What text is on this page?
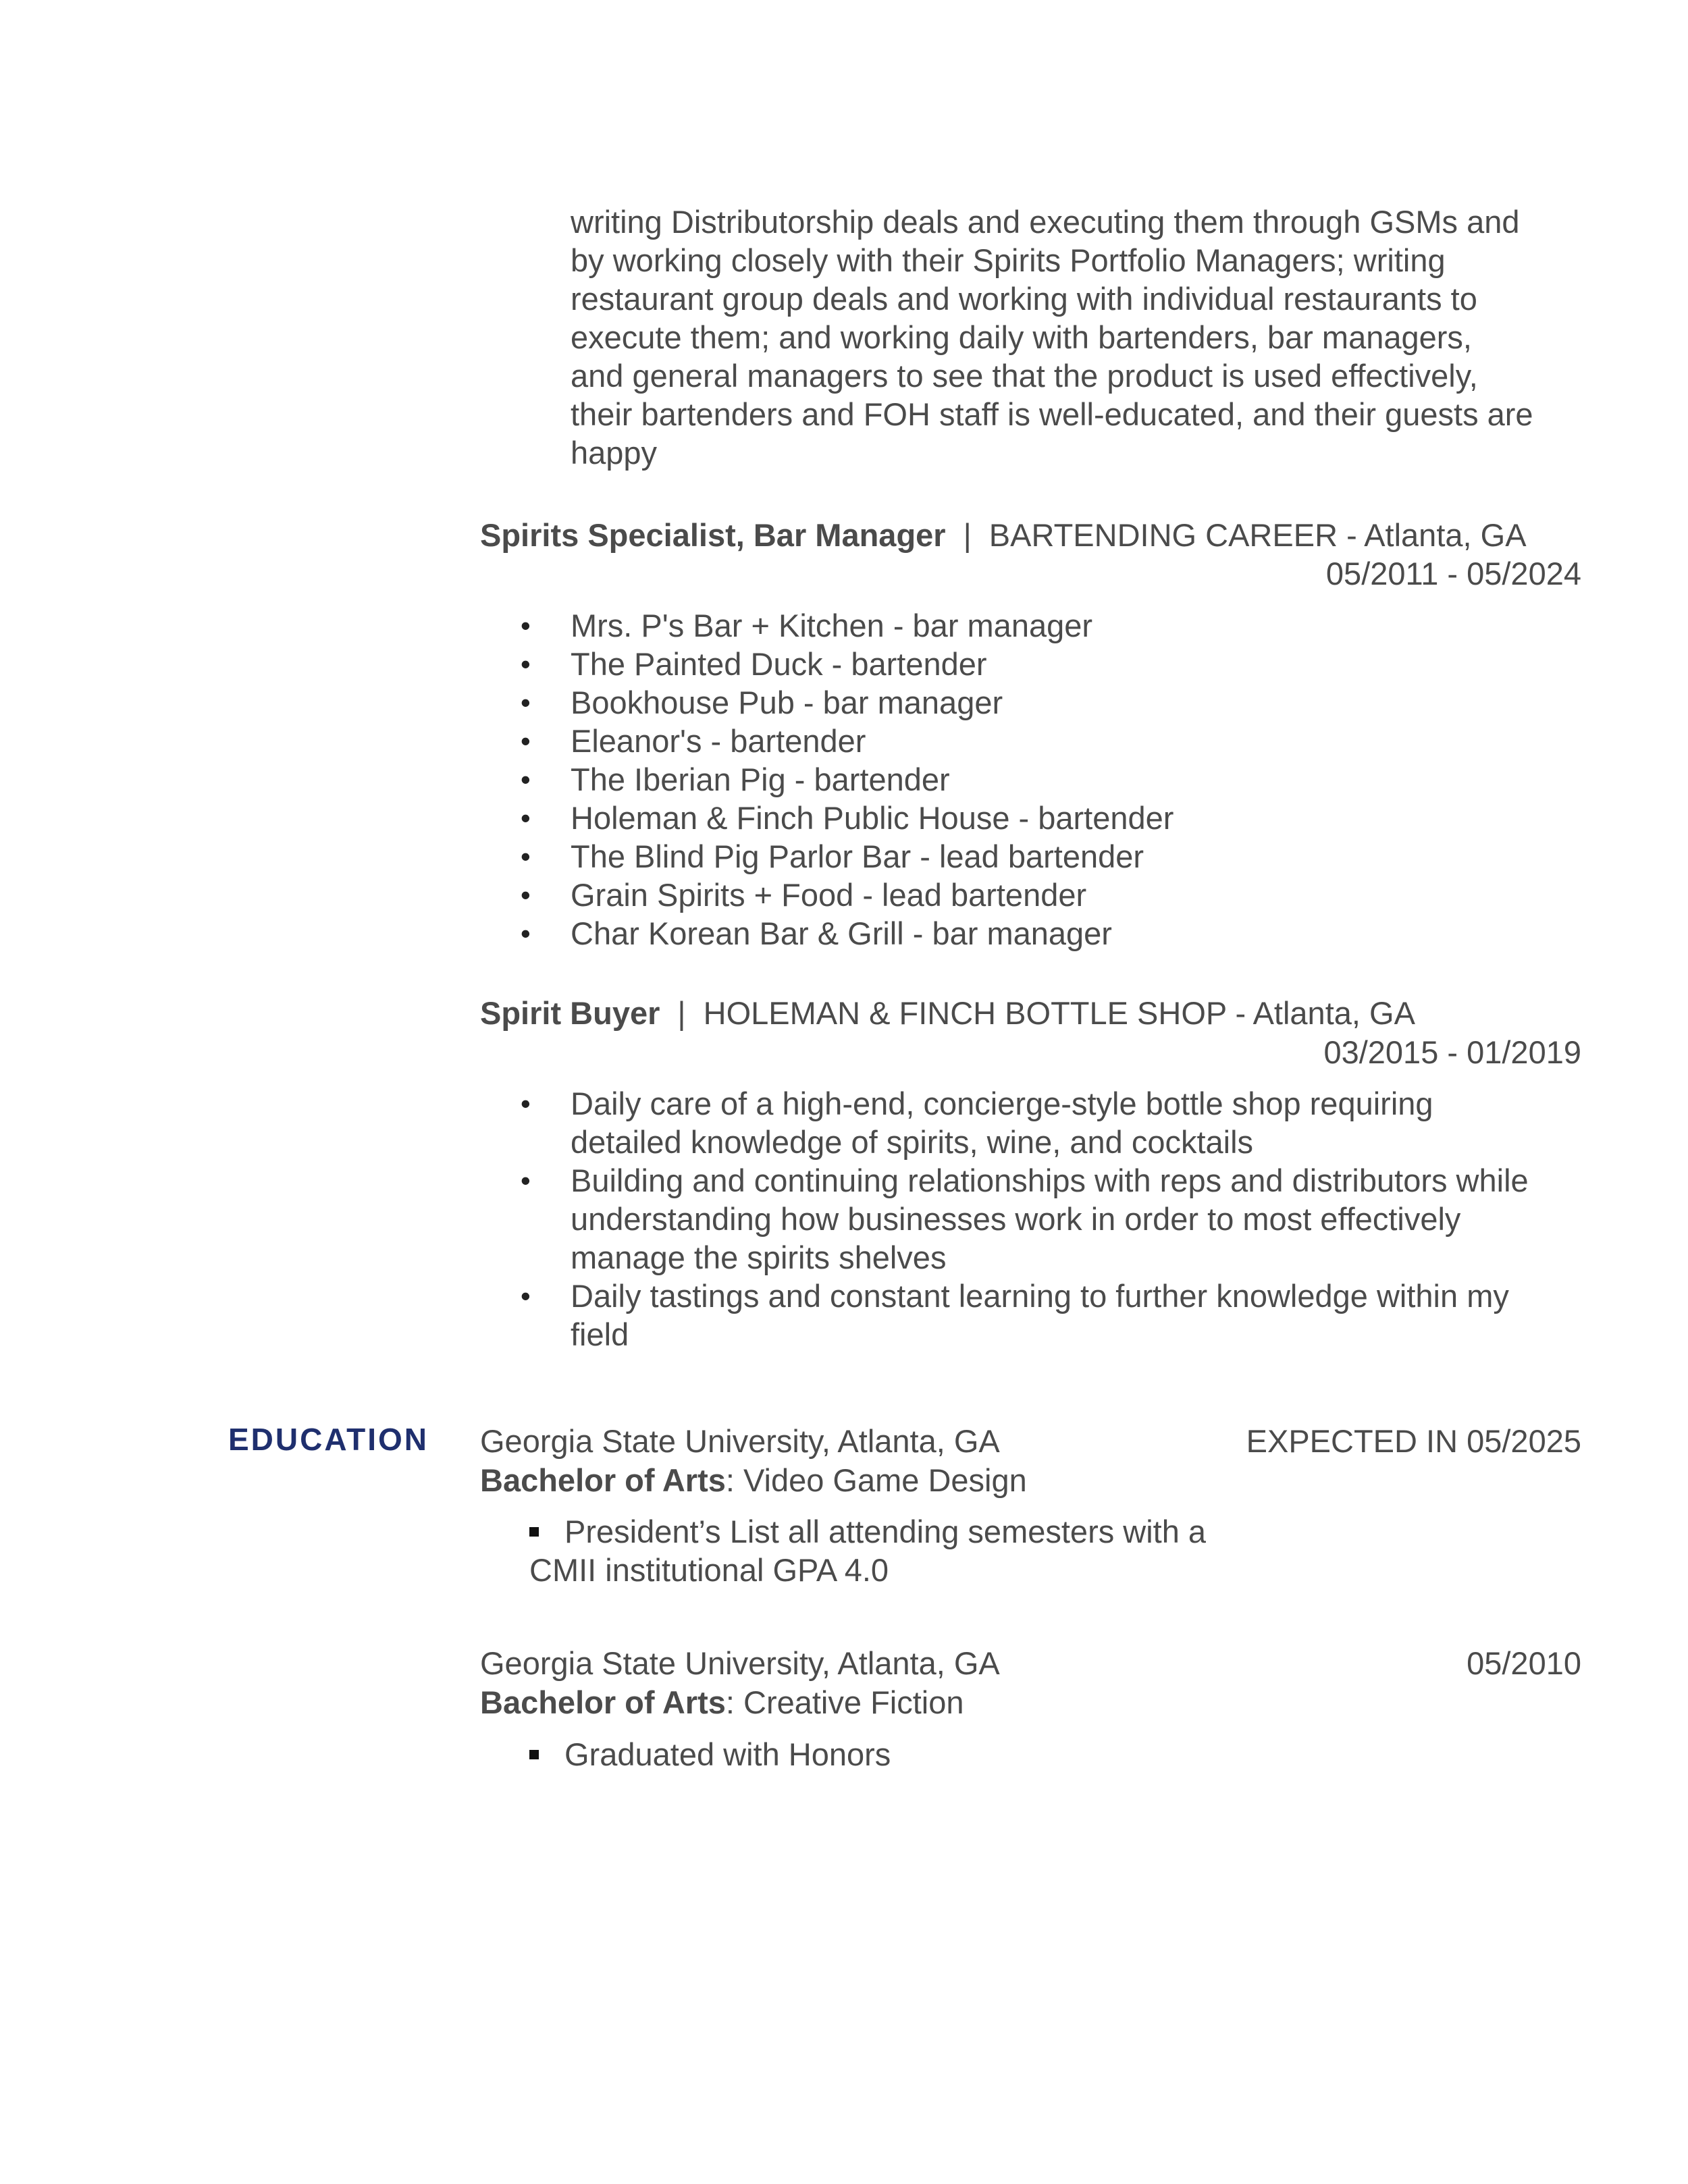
writing Distributorship deals and executing them through GSMs and
by working closely with their Spirits Portfolio Managers; writing
restaurant group deals and working with individual restaurants to
execute them; and working daily with bartenders, bar managers,
and general managers to see that the product is used effectively,
their bartenders and FOH staff is well-educated, and their guests are
happy
Spirits Specialist, Bar Manager | BARTENDING CAREER - Atlanta, GA
05/2011 - 05/2024
• Mrs. P's Bar + Kitchen - bar manager
• The Painted Duck - bartender
• Bookhouse Pub - bar manager
• Eleanor's - bartender
• The Iberian Pig - bartender
• Holeman & Finch Public House - bartender
• The Blind Pig Parlor Bar - lead bartender
• Grain Spirits + Food - lead bartender
• Char Korean Bar & Grill - bar manager
Spirit Buyer | HOLEMAN & FINCH BOTTLE SHOP - Atlanta, GA
03/2015 - 01/2019
• Daily care of a high-end, concierge-style bottle shop requiring
detailed knowledge of spirits, wine, and cocktails
• Building and continuing relationships with reps and distributors while
understanding how businesses work in order to most effectively
manage the spirits shelves
• Daily tastings and constant learning to further knowledge within my
field
EDUCATION Georgia State University, Atlanta, GA	EXPECTED IN 05/2025
Bachelor of Arts: Video Game Design
President’s List all attending semesters with a
CMII institutional GPA 4.0
Georgia State University, Atlanta, GA	05/2010
Bachelor of Arts: Creative Fiction
Graduated with Honors
